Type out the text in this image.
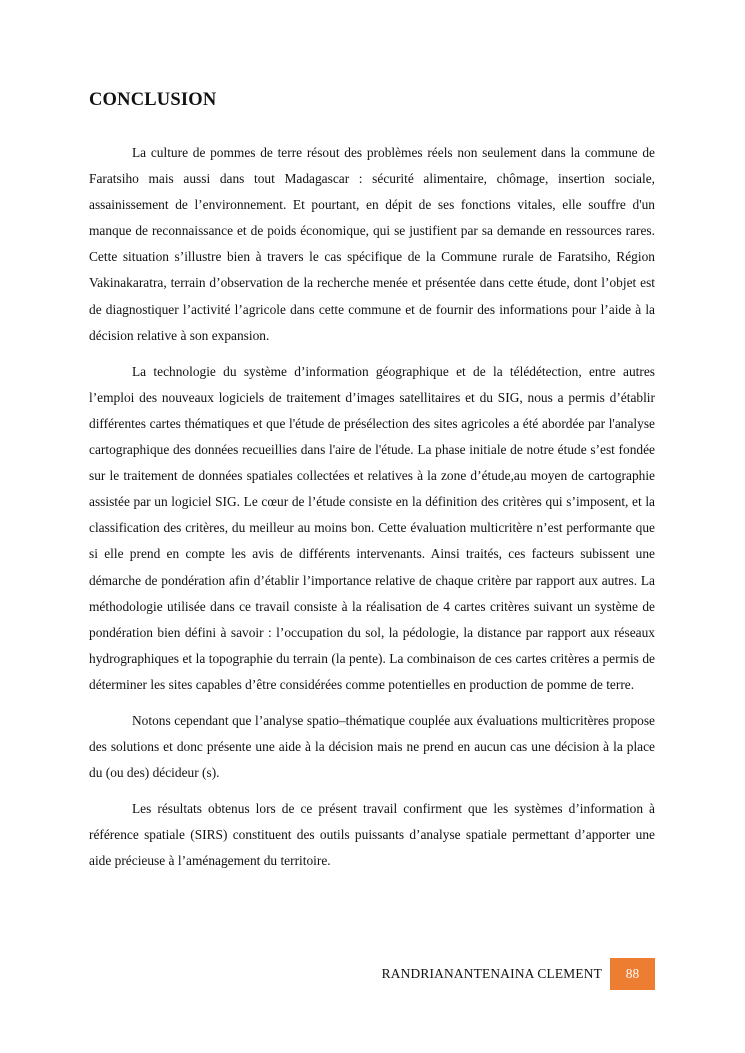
CONCLUSION

La culture de pommes de terre résout des problèmes réels non seulement dans la commune de Faratsiho mais aussi dans tout Madagascar : sécurité alimentaire, chômage, insertion sociale, assainissement de l’environnement. Et pourtant, en dépit de ses fonctions vitales, elle souffre d'un manque de reconnaissance et de poids économique, qui se justifient par sa demande en ressources rares. Cette situation s’illustre bien à travers le cas spécifique de la Commune rurale de Faratsiho, Région Vakinakaratra, terrain d’observation de la recherche menée et présentée dans cette étude, dont l’objet est de diagnostiquer l’activité l’agricole dans cette commune et de fournir des informations pour l’aide à la décision relative à son expansion.

La technologie du système d’information géographique et de la télédétection, entre autres l’emploi des nouveaux logiciels de traitement d’images satellitaires et du SIG, nous a permis d’établir différentes cartes thématiques et que l'étude de présélection des sites agricoles a été abordée par l'analyse cartographique des données recueillies dans l'aire de l'étude. La phase initiale de notre étude s’est fondée sur le traitement de données spatiales collectées et relatives à la zone d’étude,au moyen de cartographie assistée par un logiciel SIG. Le cœur de l’étude consiste en la définition des critères qui s’imposent, et la classification des critères, du meilleur au moins bon. Cette évaluation multicritère n’est performante que si elle prend en compte les avis de différents intervenants. Ainsi traités, ces facteurs subissent une démarche de pondération afin d’établir l’importance relative de chaque critère par rapport aux autres. La méthodologie utilisée dans ce travail consiste à la réalisation de 4 cartes critères suivant un système de pondération bien défini à savoir : l’occupation du sol, la pédologie, la distance par rapport aux réseaux hydrographiques et la topographie du terrain (la pente). La combinaison de ces cartes critères a permis de déterminer les sites capables d’être considérées comme potentielles en production de pomme de terre.

Notons cependant que l’analyse spatio–thématique couplée aux évaluations multicritères propose des solutions et donc présente une aide à la décision mais ne prend en aucun cas une décision à la place du (ou des) décideur (s).

Les résultats obtenus lors de ce présent travail confirment que les systèmes d’information à référence spatiale (SIRS) constituent des outils puissants d’analyse spatiale permettant d’apporter une aide précieuse à l’aménagement du territoire.

RANDRIANANTENAINA CLEMENT	88
